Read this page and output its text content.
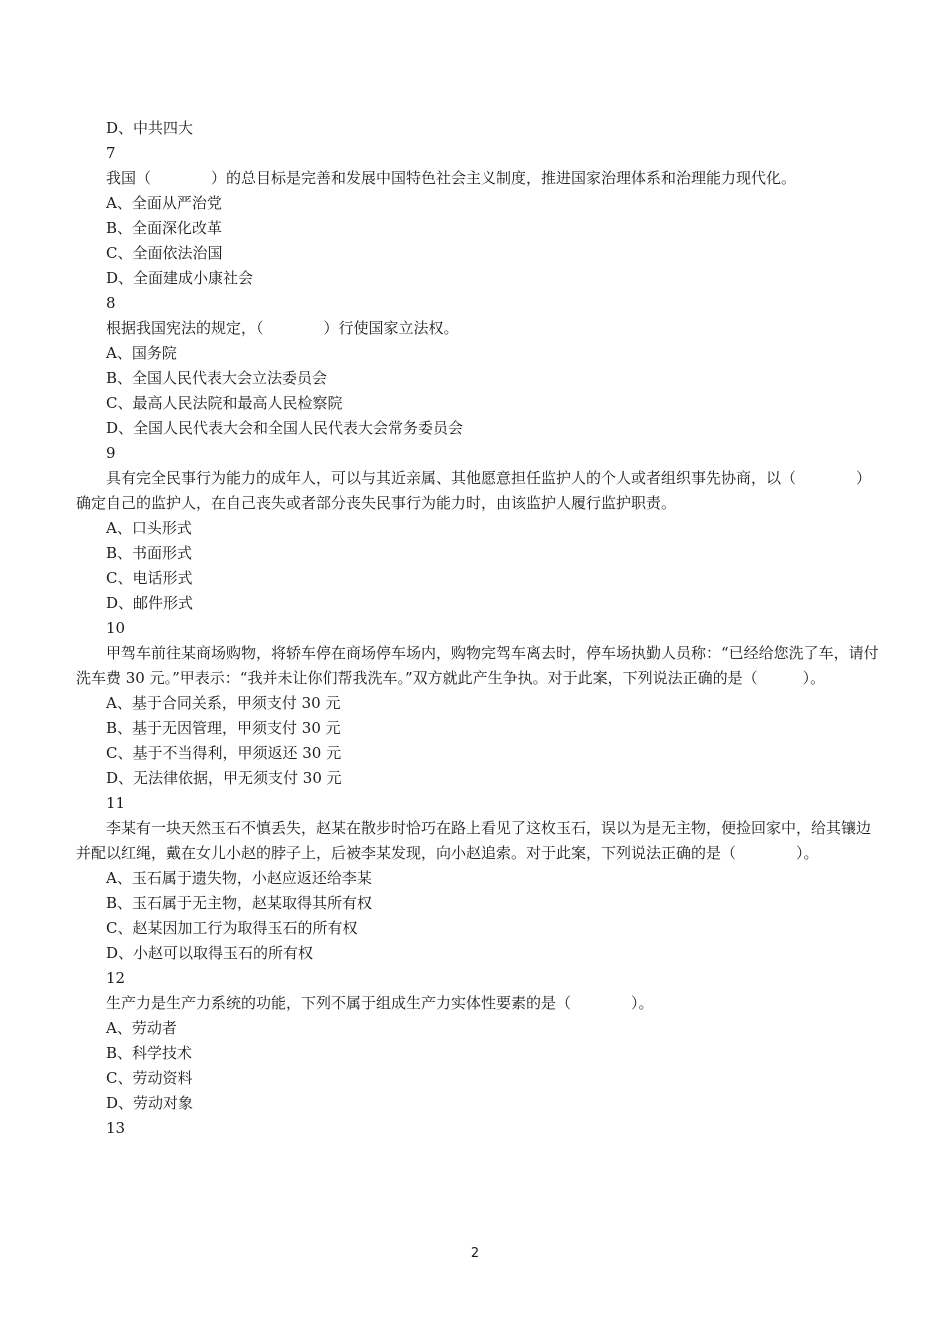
D、中共四大
7
我国（　　　　）的总目标是完善和发展中国特色社会主义制度，推进国家治理体系和治理能力现代化。
A、全面从严治党
B、全面深化改革
C、全面依法治国
D、全面建成小康社会
8
根据我国宪法的规定，（　　　　）行使国家立法权。
A、国务院
B、全国人民代表大会立法委员会
C、最高人民法院和最高人民检察院
D、全国人民代表大会和全国人民代表大会常务委员会
9
具有完全民事行为能力的成年人，可以与其近亲属、其他愿意担任监护人的个人或者组织事先协商，以（　　　　）确定自己的监护人，在自己丧失或者部分丧失民事行为能力时，由该监护人履行监护职责。
A、口头形式
B、书面形式
C、电话形式
D、邮件形式
10
甲驾车前往某商场购物，将轿车停在商场停车场内，购物完驾车离去时，停车场执勤人员称：“已经给您洗了车，请付洗车费 30 元。”甲表示：“我并未让你们帮我洗车。”双方就此产生争执。对于此案，下列说法正确的是（　　　）。
A、基于合同关系，甲须支付 30 元
B、基于无因管理，甲须支付 30 元
C、基于不当得利，甲须返还 30 元
D、无法律依据，甲无须支付 30 元
11
李某有一块天然玉石不慎丢失，赵某在散步时恰巧在路上看见了这枚玉石，误以为是无主物，便捡回家中，给其镶边并配以红绳，戴在女儿小赵的脖子上，后被李某发现，向小赵追索。对于此案，下列说法正确的是（　　　　）。
A、玉石属于遗失物，小赵应返还给李某
B、玉石属于无主物，赵某取得其所有权
C、赵某因加工行为取得玉石的所有权
D、小赵可以取得玉石的所有权
12
生产力是生产力系统的功能，下列不属于组成生产力实体性要素的是（　　　　）。
A、劳动者
B、科学技术
C、劳动资料
D、劳动对象
13
2
